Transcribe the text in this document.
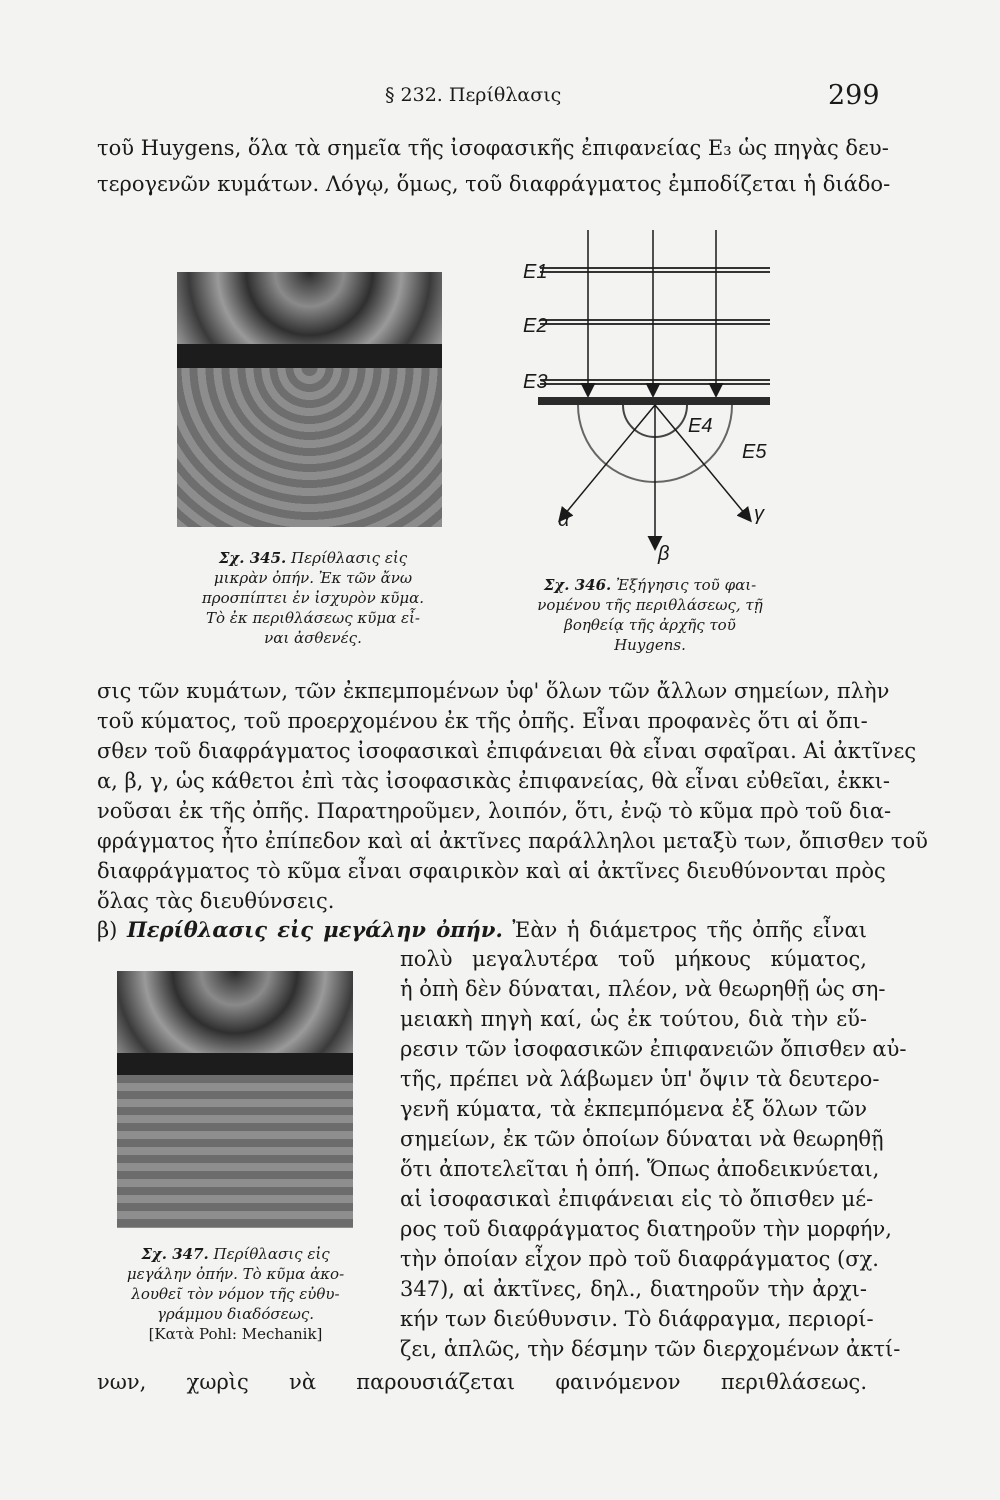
§ 232. Περίθλασις	299
τοῦ Huygens, ὅλα τὰ σημεῖα τῆς ἰσοφασικῆς ἐπιφανείας E₃ ὡς πηγὰς δευ-
τερογενῶν κυμάτων. Λόγῳ, ὅμως, τοῦ διαφράγματος ἐμποδίζεται ἡ διάδο-
Σχ. 345. Περίθλασις εἰς
μικρὰν ὀπήν. Ἐκ τῶν ἄνω
προσπίπτει ἐν ἰσχυρὸν κῦμα.
Τὸ ἐκ περιθλάσεως κῦμα εἶ-
ναι ἀσθενές.
E1
E2
E3
E4
E5
α
β
γ
Σχ. 346. Ἐξήγησις τοῦ φαι-
νομένου τῆς περιθλάσεως, τῇ
βοηθείᾳ τῆς ἀρχῆς τοῦ
Huygens.
σις τῶν κυμάτων, τῶν ἐκπεμπομένων ὑφ' ὅλων τῶν ἄλλων σημείων, πλὴν
τοῦ κύματος, τοῦ προερχομένου ἐκ τῆς ὀπῆς. Εἶναι προφανὲς ὅτι αἱ ὄπι-
σθεν τοῦ διαφράγματος ἰσοφασικαὶ ἐπιφάνειαι θὰ εἶναι σφαῖραι. Αἱ ἀκτῖνες
α, β, γ, ὡς κάθετοι ἐπὶ τὰς ἰσοφασικὰς ἐπιφανείας, θὰ εἶναι εὐθεῖαι, ἐκκι-
νοῦσαι ἐκ τῆς ὀπῆς. Παρατηροῦμεν, λοιπόν, ὅτι, ἐνῷ τὸ κῦμα πρὸ τοῦ δια-
φράγματος ἦτο ἐπίπεδον καὶ αἱ ἀκτῖνες παράλληλοι μεταξὺ των, ὄπισθεν τοῦ
διαφράγματος τὸ κῦμα εἶναι σφαιρικὸν καὶ αἱ ἀκτῖνες διευθύνονται πρὸς
ὅλας τὰς διευθύνσεις.
β) Περίθλασις εἰς μεγάλην ὀπήν. Ἐὰν ἡ διάμετρος τῆς ὀπῆς εἶναι
πολὺ μεγαλυτέρα τοῦ μήκους κύματος,
ἡ ὀπὴ δὲν δύναται, πλέον, νὰ θεωρηθῇ ὡς ση-
μειακὴ πηγὴ καί, ὡς ἐκ τούτου, διὰ τὴν εὕ-
ρεσιν τῶν ἰσοφασικῶν ἐπιφανειῶν ὄπισθεν αὐ-
τῆς, πρέπει νὰ λάβωμεν ὑπ' ὄψιν τὰ δευτερο-
γενῆ κύματα, τὰ ἐκπεμπόμενα ἐξ ὅλων τῶν
σημείων, ἐκ τῶν ὁποίων δύναται νὰ θεωρηθῇ
ὅτι ἀποτελεῖται ἡ ὀπή. Ὅπως ἀποδεικνύεται,
αἱ ἰσοφασικαὶ ἐπιφάνειαι εἰς τὸ ὄπισθεν μέ-
ρος τοῦ διαφράγματος διατηροῦν τὴν μορφήν,
τὴν ὁποίαν εἶχον πρὸ τοῦ διαφράγματος (σχ.
347), αἱ ἀκτῖνες, δηλ., διατηροῦν τὴν ἀρχι-
κήν των διεύθυνσιν. Τὸ διάφραγμα, περιορί-
ζει, ἁπλῶς, τὴν δέσμην τῶν διερχομένων ἀκτί-
νων, χωρὶς νὰ παρουσιάζεται φαινόμενον περιθλάσεως.
Σχ. 347. Περίθλασις εἰς
μεγάλην ὀπήν. Τὸ κῦμα ἀκο-
λουθεῖ τὸν νόμον τῆς εὐθυ-
γράμμου διαδόσεως.
[Κατὰ Pohl: Mechanik]
